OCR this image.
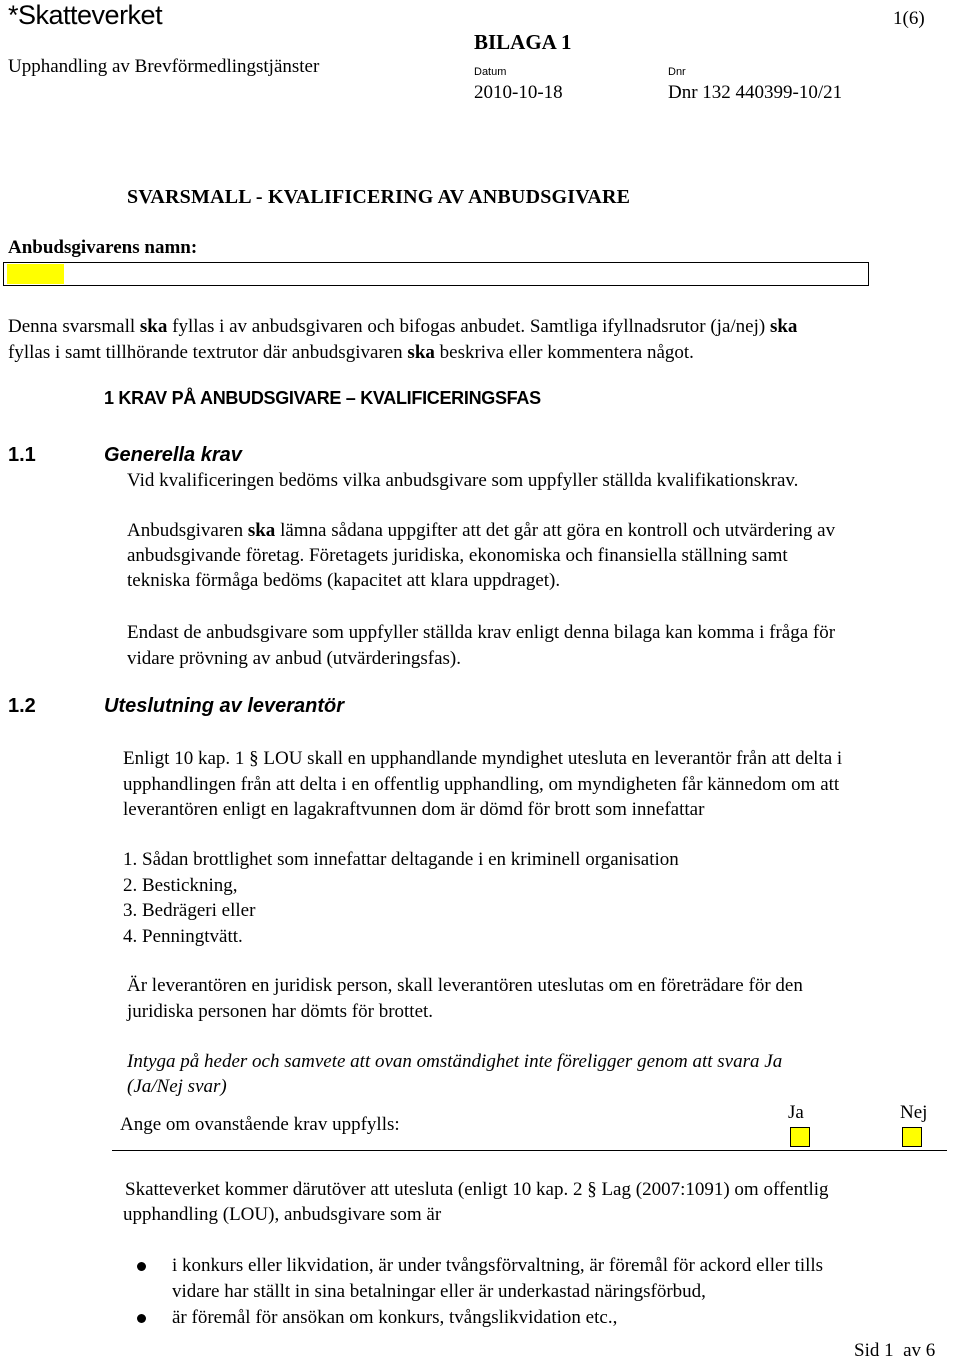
*Skatteverket	1(6)
Upphandling av Brevförmedlingstjänster
BILAGA 1
Datum
2010-10-18
Dnr
Dnr 132 440399-10/21
SVARSMALL - KVALIFICERING AV ANBUDSGIVARE
Anbudsgivarens namn:
Denna svarsmall ska fyllas i av anbudsgivaren och bifogas anbudet. Samtliga ifyllnadsrutor (ja/nej) ska
fyllas i samt tillhörande textrutor där anbudsgivaren ska beskriva eller kommentera något.
1 KRAV PÅ ANBUDSGIVARE – KVALIFICERINGSFAS
1.1	Generella krav
Vid kvalificeringen bedöms vilka anbudsgivare som uppfyller ställda kvalifikationskrav.
Anbudsgivaren ska lämna sådana uppgifter att det går att göra en kontroll och utvärdering av
anbudsgivande företag. Företagets juridiska, ekonomiska och finansiella ställning samt
tekniska förmåga bedöms (kapacitet att klara uppdraget).
Endast de anbudsgivare som uppfyller ställda krav enligt denna bilaga kan komma i fråga för
vidare prövning av anbud (utvärderingsfas).
1.2	Uteslutning av leverantör
Enligt 10 kap. 1 § LOU skall en upphandlande myndighet utesluta en leverantör från att delta i
upphandlingen från att delta i en offentlig upphandling, om myndigheten får kännedom om att
leverantören enligt en lagakraftvunnen dom är dömd för brott som innefattar
1. Sådan brottlighet som innefattar deltagande i en kriminell organisation
2. Bestickning,
3. Bedrägeri eller
4. Penningtvätt.
Är leverantören en juridisk person, skall leverantören uteslutas om en företrädare för den
juridiska personen har dömts för brottet.
Intyga på heder och samvete att ovan omständighet inte föreligger genom att svara Ja
(Ja/Nej svar)
Ja	Nej
Ange om ovanstående krav uppfylls:
Skatteverket kommer därutöver att utesluta (enligt 10 kap. 2 § Lag (2007:1091) om offentlig
upphandling (LOU), anbudsgivare som är
i konkurs eller likvidation, är under tvångsförvaltning, är föremål för ackord eller tills
vidare har ställt in sina betalningar eller är underkastad näringsförbud,
är föremål för ansökan om konkurs, tvångslikvidation etc.,
Sid 1  av 6
